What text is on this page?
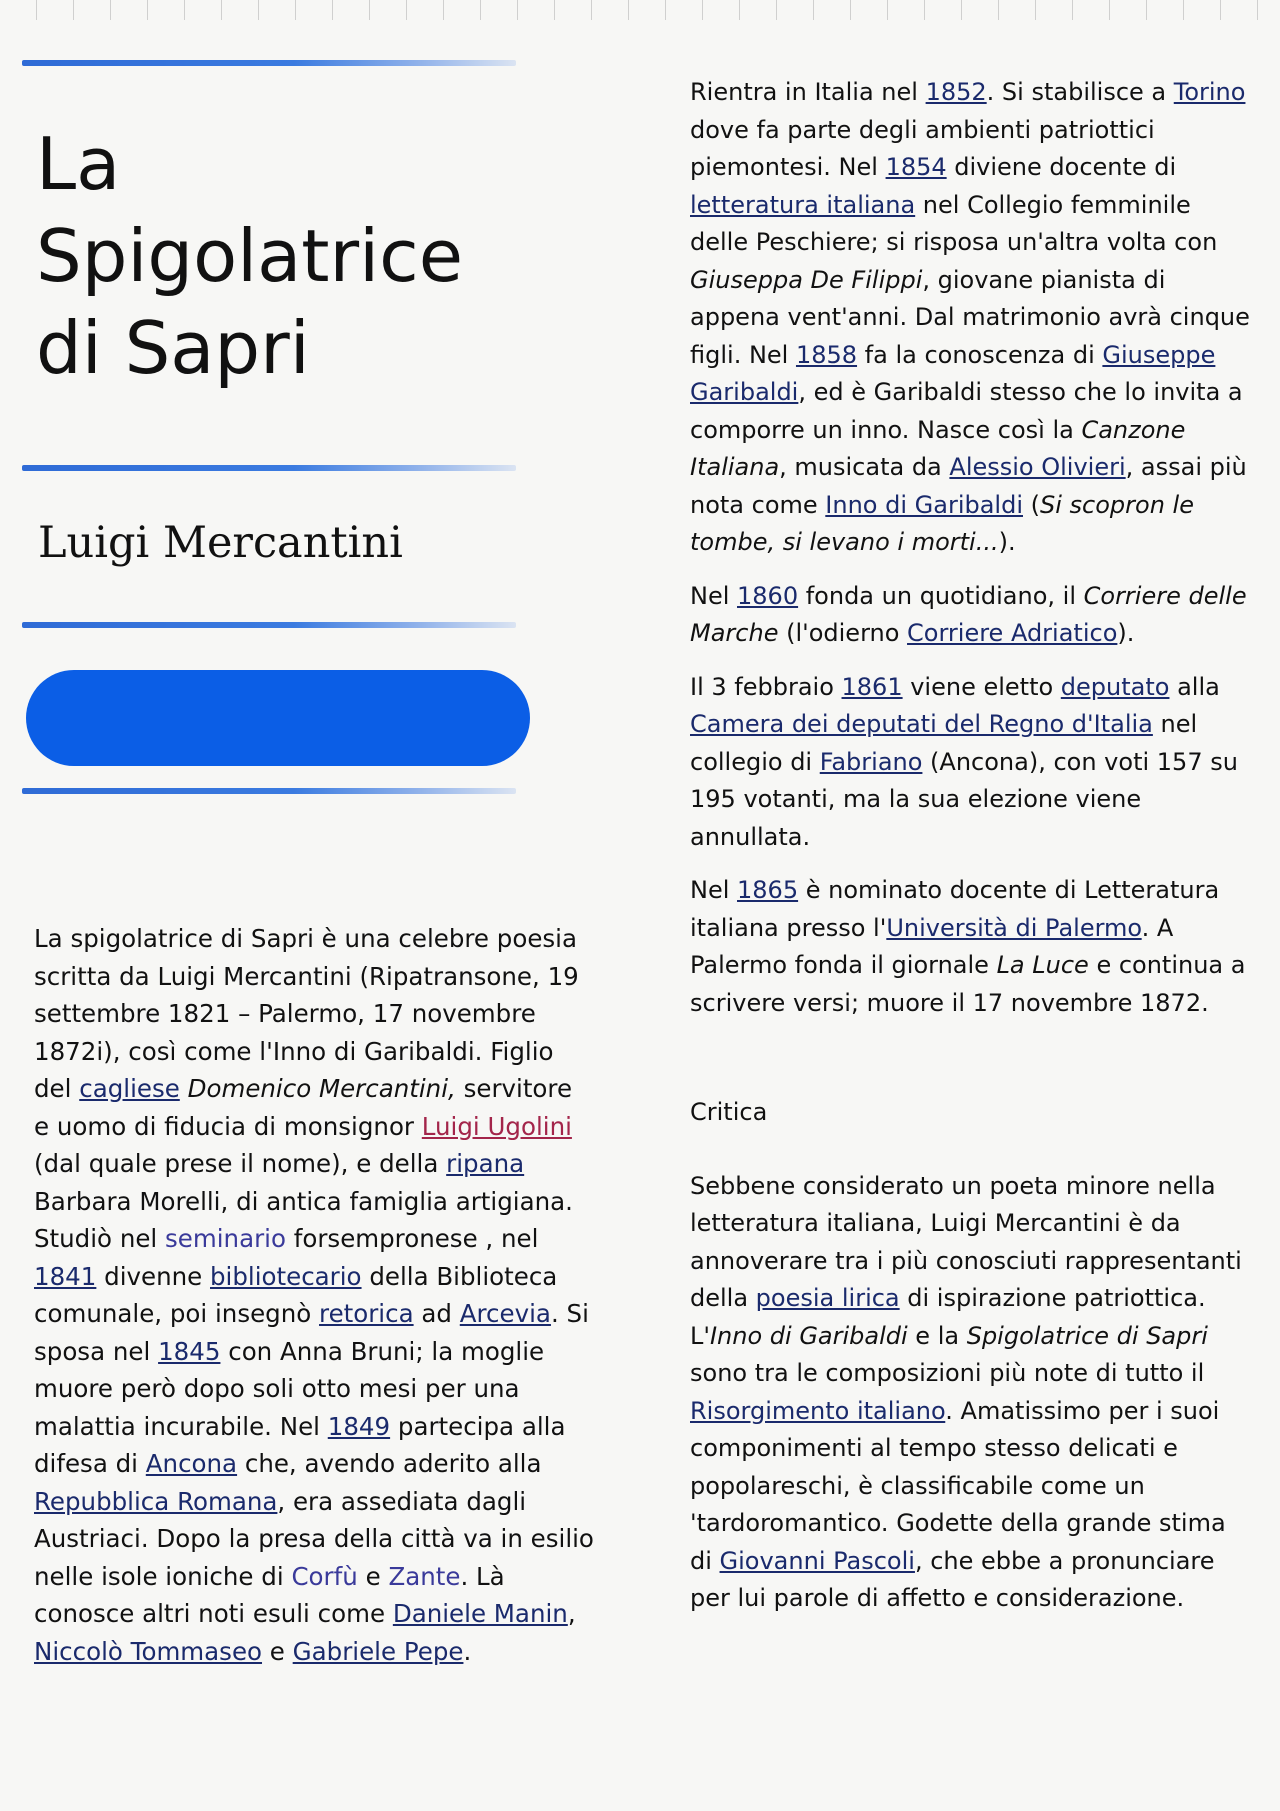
La
Spigolatrice
di Sapri
Luigi Mercantini

La spigolatrice di Sapri è una celebre poesia scritta da Luigi Mercantini (Ripatransone, 19 settembre 1821 – Palermo, 17 novembre 1872i), così come l'Inno di Garibaldi. Figlio del cagliese Domenico Mercantini, servitore e uomo di fiducia di monsignor Luigi Ugolini (dal quale prese il nome), e della ripana Barbara Morelli, di antica famiglia artigiana. Studiò nel seminario forsempronese , nel 1841 divenne bibliotecario della Biblioteca comunale, poi insegnò retorica ad Arcevia. Si sposa nel 1845 con Anna Bruni; la moglie muore però dopo soli otto mesi per una malattia incurabile. Nel 1849 partecipa alla difesa di Ancona che, avendo aderito alla Repubblica Romana, era assediata dagli Austriaci. Dopo la presa della città va in esilio nelle isole ioniche di Corfù e Zante. Là conosce altri noti esuli come Daniele Manin, Niccolò Tommaseo e Gabriele Pepe.

Rientra in Italia nel 1852. Si stabilisce a Torino dove fa parte degli ambienti patriottici piemontesi. Nel 1854 diviene docente di letteratura italiana nel Collegio femminile delle Peschiere; si risposa un'altra volta con Giuseppa De Filippi, giovane pianista di appena vent'anni. Dal matrimonio avrà cinque figli. Nel 1858 fa la conoscenza di Giuseppe Garibaldi, ed è Garibaldi stesso che lo invita a comporre un inno. Nasce così la Canzone Italiana, musicata da Alessio Olivieri, assai più nota come Inno di Garibaldi (Si scopron le tombe, si levano i morti...).

Nel 1860 fonda un quotidiano, il Corriere delle Marche (l'odierno Corriere Adriatico).

Il 3 febbraio 1861 viene eletto deputato alla Camera dei deputati del Regno d'Italia nel collegio di Fabriano (Ancona), con voti 157 su 195 votanti, ma la sua elezione viene annullata.

Nel 1865 è nominato docente di Letteratura italiana presso l'Università di Palermo. A Palermo fonda il giornale La Luce e continua a scrivere versi; muore il 17 novembre 1872.

Critica

Sebbene considerato un poeta minore nella letteratura italiana, Luigi Mercantini è da annoverare tra i più conosciuti rappresentanti della poesia lirica di ispirazione patriottica. L'Inno di Garibaldi e la Spigolatrice di Sapri sono tra le composizioni più note di tutto il Risorgimento italiano. Amatissimo per i suoi componimenti al tempo stesso delicati e popolareschi, è classificabile come un 'tardoromantico. Godette della grande stima di Giovanni Pascoli, che ebbe a pronunciare per lui parole di affetto e considerazione.
